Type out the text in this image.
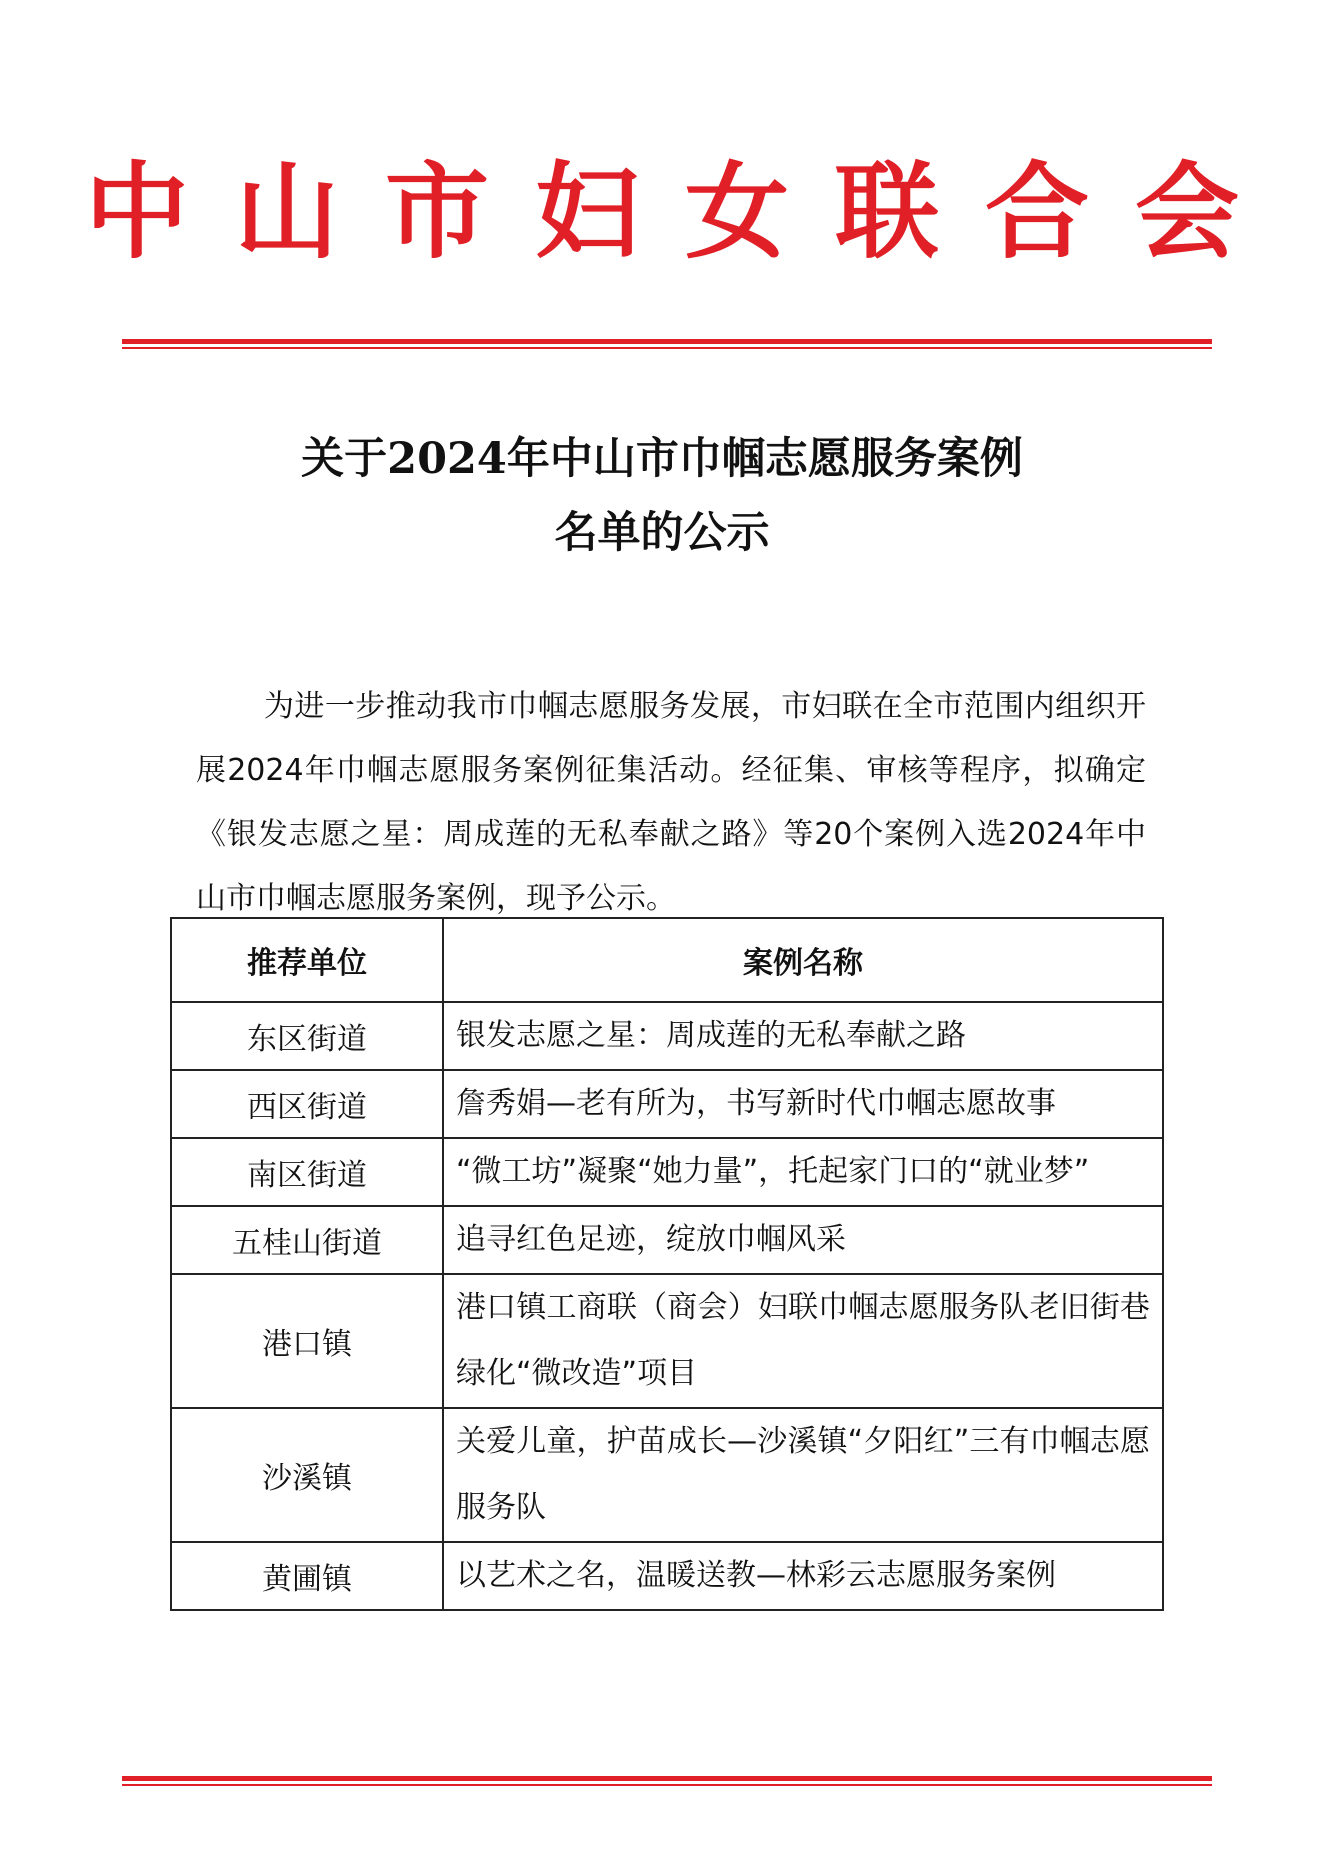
中山市妇女联合会
关于2024年中山市巾帼志愿服务案例
名单的公示

为进一步推动我市巾帼志愿服务发展，市妇联在全市范围内组织开展2024年巾帼志愿服务案例征集活动。经征集、审核等程序，拟确定《银发志愿之星：周成莲的无私奉献之路》等20个案例入选2024年中山市巾帼志愿服务案例，现予公示。

推荐单位	案例名称
东区街道	银发志愿之星：周成莲的无私奉献之路
西区街道	詹秀娟—老有所为，书写新时代巾帼志愿故事
南区街道	“微工坊”凝聚“她力量”，托起家门口的“就业梦”
五桂山街道	追寻红色足迹，绽放巾帼风采
港口镇	港口镇工商联（商会）妇联巾帼志愿服务队老旧街巷绿化“微改造”项目
沙溪镇	关爱儿童，护苗成长—沙溪镇“夕阳红”三有巾帼志愿服务队
黄圃镇	以艺术之名，温暖送教—林彩云志愿服务案例
